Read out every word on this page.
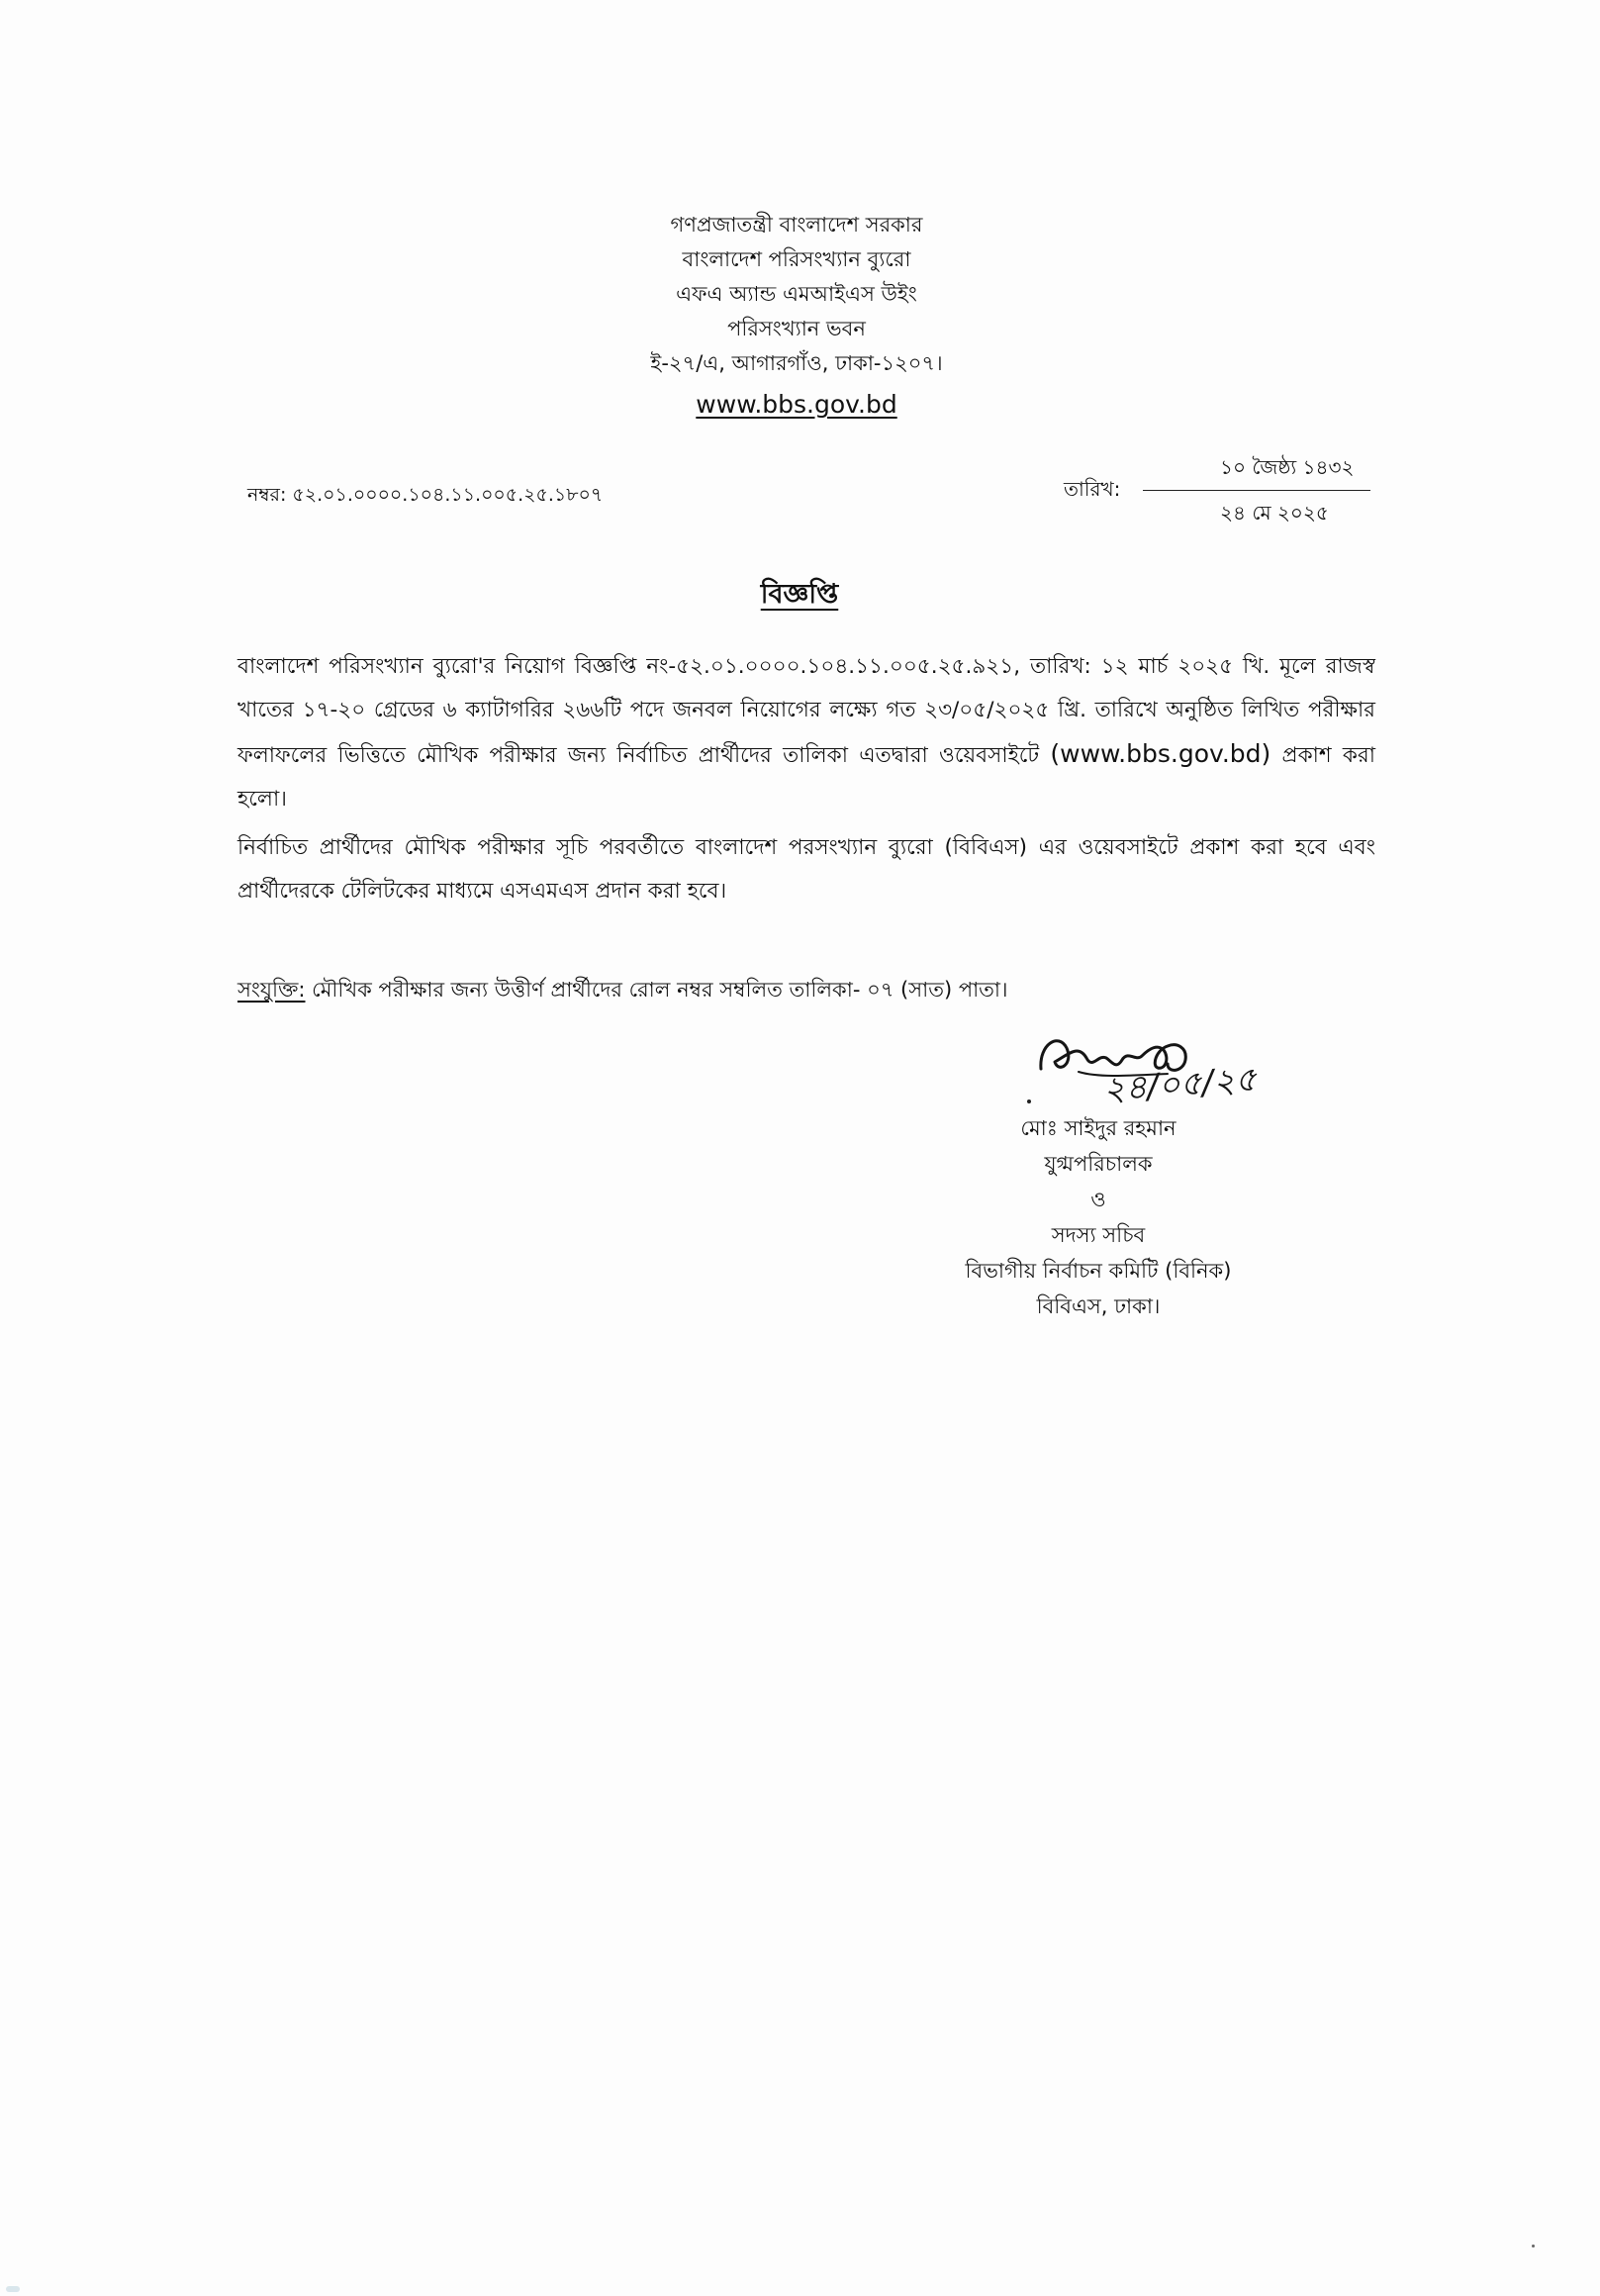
গণপ্রজাতন্ত্রী বাংলাদেশ সরকার
বাংলাদেশ পরিসংখ্যান ব্যুরো
এফএ অ্যান্ড এমআইএস উইং
পরিসংখ্যান ভবন
ই-২৭/এ, আগারগাঁও, ঢাকা-১২০৭।
www.bbs.gov.bd
নম্বর: ৫২.০১.০০০০.১০৪.১১.০০৫.২৫.১৮০৭	তারিখ:
১০ জৈষ্ঠ্য ১৪৩২
২৪ মে ২০২৫
বিজ্ঞপ্তি
বাংলাদেশ পরিসংখ্যান ব্যুরো'র নিয়োগ বিজ্ঞপ্তি নং-৫২.০১.০০০০.১০৪.১১.০০৫.২৫.৯২১, তারিখ: ১২ মার্চ ২০২৫ খি. মূলে রাজস্ব খাতের ১৭-২০ গ্রেডের ৬ ক্যাটাগরির ২৬৬টি পদে জনবল নিয়োগের লক্ষ্যে গত ২৩/০৫/২০২৫ খ্রি. তারিখে অনুষ্ঠিত লিখিত পরীক্ষার ফলাফলের ভিত্তিতে মৌখিক পরীক্ষার জন্য নির্বাচিত প্রার্থীদের তালিকা এতদ্বারা ওয়েবসাইটে (www.bbs.gov.bd) প্রকাশ করা হলো।
নির্বাচিত প্রার্থীদের মৌখিক পরীক্ষার সূচি পরবর্তীতে বাংলাদেশ পরসংখ্যান ব্যুরো (বিবিএস) এর ওয়েবসাইটে প্রকাশ করা হবে এবং প্রার্থীদেরকে টেলিটকের মাধ্যমে এসএমএস প্রদান করা হবে।
সংযুক্তি: মৌখিক পরীক্ষার জন্য উত্তীর্ণ প্রার্থীদের রোল নম্বর সম্বলিত তালিকা- ০৭ (সাত) পাতা।
২৪/০৫/২৫
মোঃ সাইদুর রহমান
যুগ্মপরিচালক
ও
সদস্য সচিব
বিভাগীয় নির্বাচন কমিটি (বিনিক)
বিবিএস, ঢাকা।
